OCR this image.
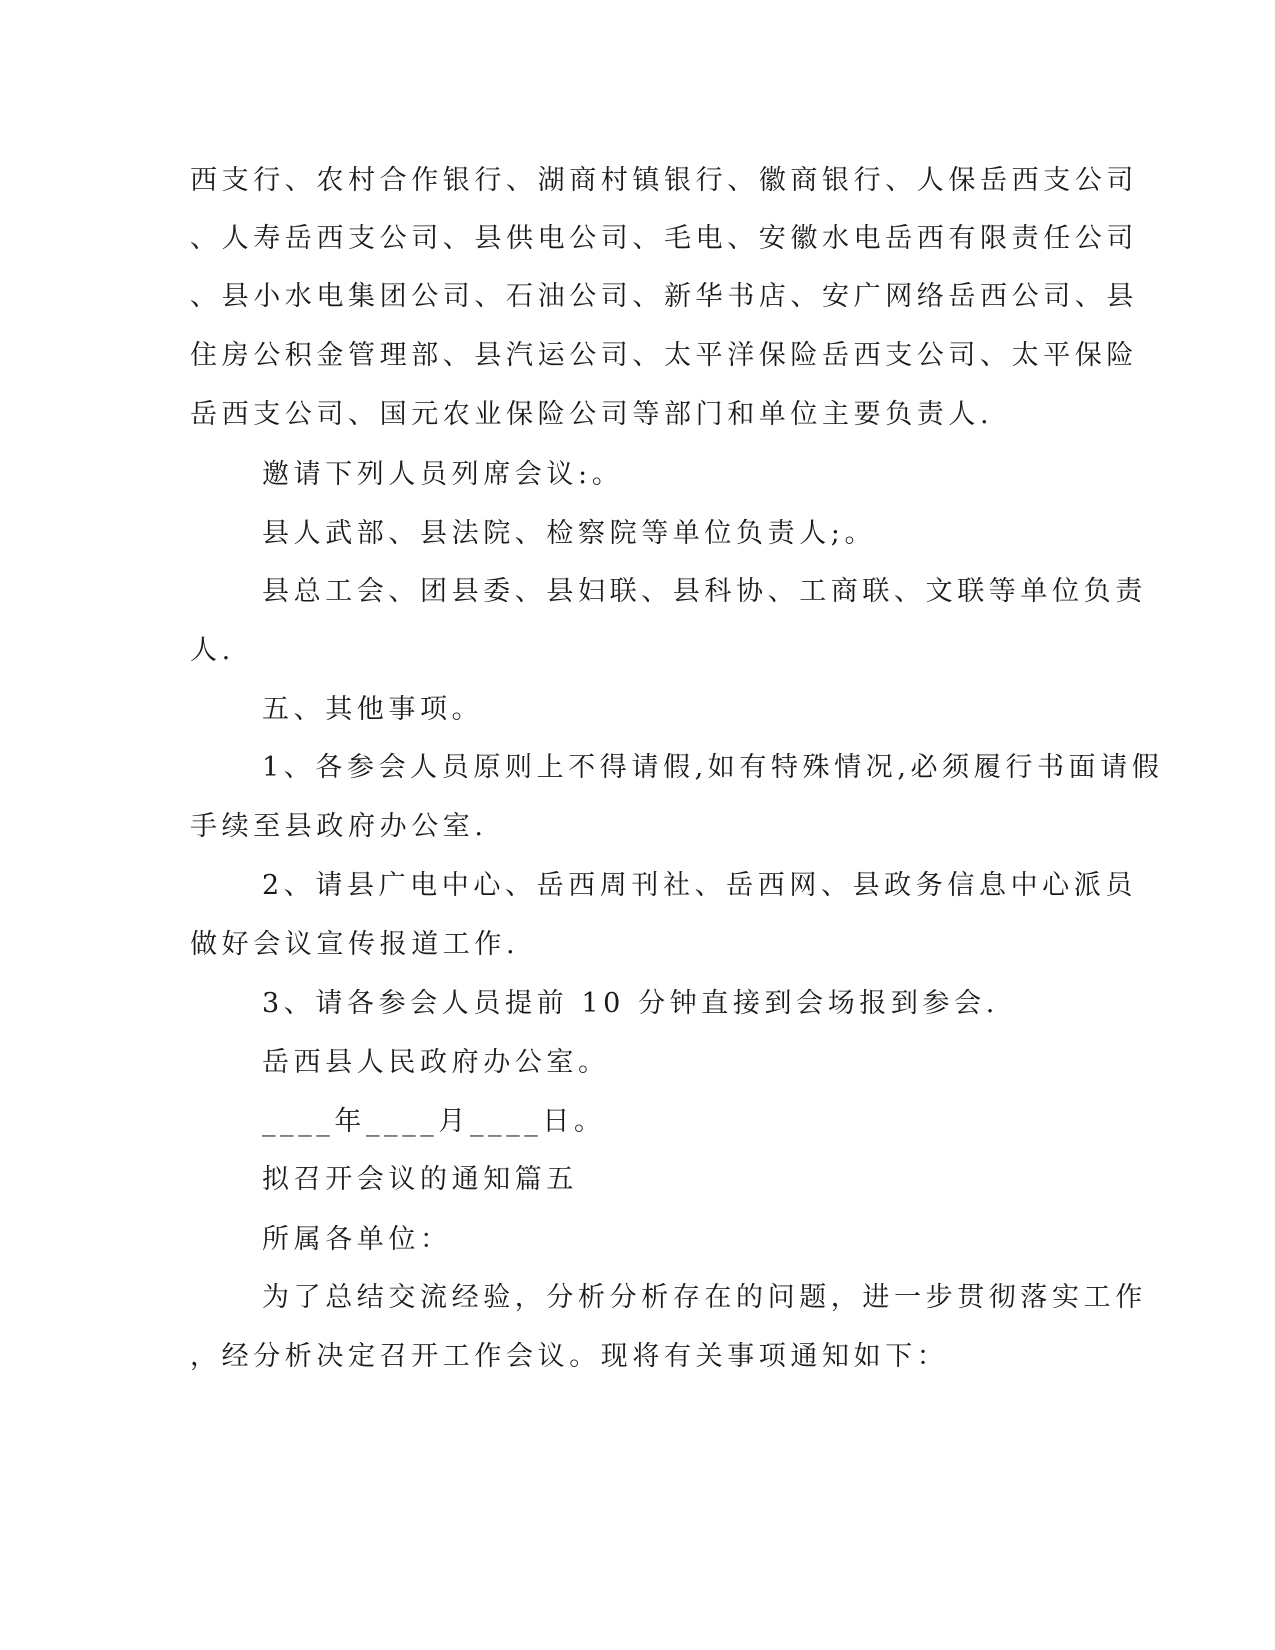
西支行、农村合作银行、湖商村镇银行、徽商银行、人保岳西支公司
、人寿岳西支公司、县供电公司、毛电、安徽水电岳西有限责任公司
、县小水电集团公司、石油公司、新华书店、安广网络岳西公司、县
住房公积金管理部、县汽运公司、太平洋保险岳西支公司、太平保险
岳西支公司、国元农业保险公司等部门和单位主要负责人.
邀请下列人员列席会议:。
县人武部、县法院、检察院等单位负责人;。
县总工会、团县委、县妇联、县科协、工商联、文联等单位负责
人.
五、其他事项。
1、各参会人员原则上不得请假,如有特殊情况,必须履行书面请假
手续至县政府办公室.
2、请县广电中心、岳西周刊社、岳西网、县政务信息中心派员
做好会议宣传报道工作.
3、请各参会人员提前 10 分钟直接到会场报到参会.
岳西县人民政府办公室。
____年____月____日。
拟召开会议的通知篇五
所属各单位：
为了总结交流经验，分析分析存在的问题，进一步贯彻落实工作
，经分析决定召开工作会议。现将有关事项通知如下：
